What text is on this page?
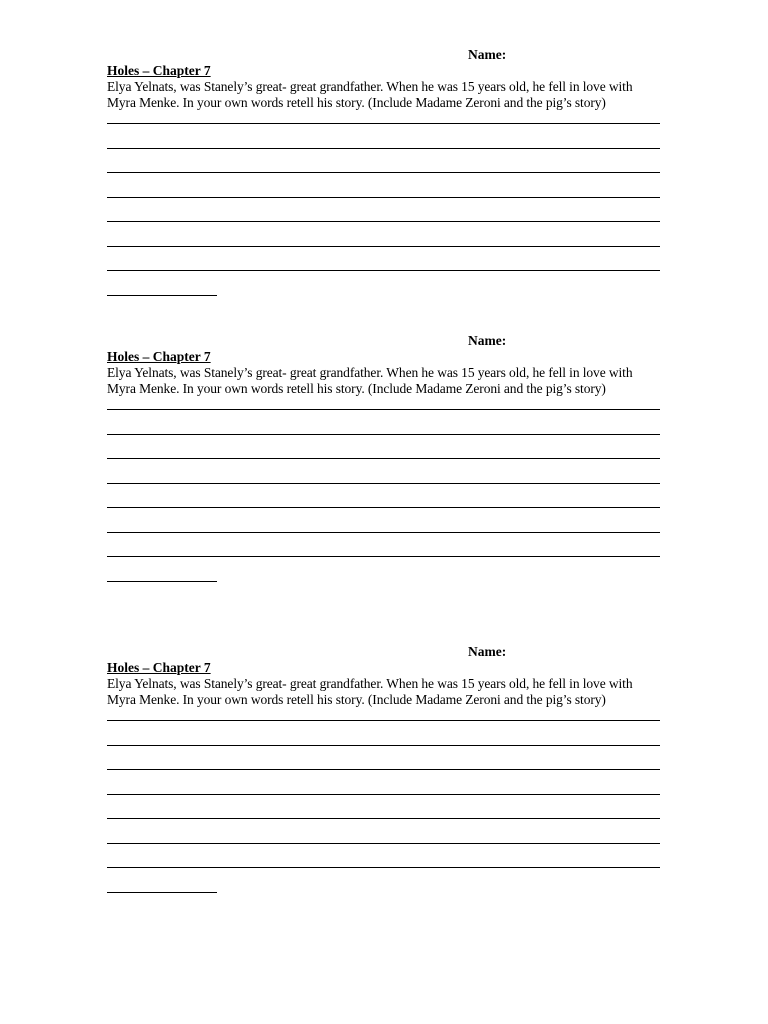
Name:
Holes – Chapter 7
Elya Yelnats, was Stanely’s great- great grandfather. When he was 15 years old, he fell in love with
Myra Menke. In your own words retell his story. (Include Madame Zeroni and the pig’s story)
Name:
Holes – Chapter 7
Elya Yelnats, was Stanely’s great- great grandfather. When he was 15 years old, he fell in love with
Myra Menke. In your own words retell his story. (Include Madame Zeroni and the pig’s story)
Name:
Holes – Chapter 7
Elya Yelnats, was Stanely’s great- great grandfather. When he was 15 years old, he fell in love with
Myra Menke. In your own words retell his story. (Include Madame Zeroni and the pig’s story)
